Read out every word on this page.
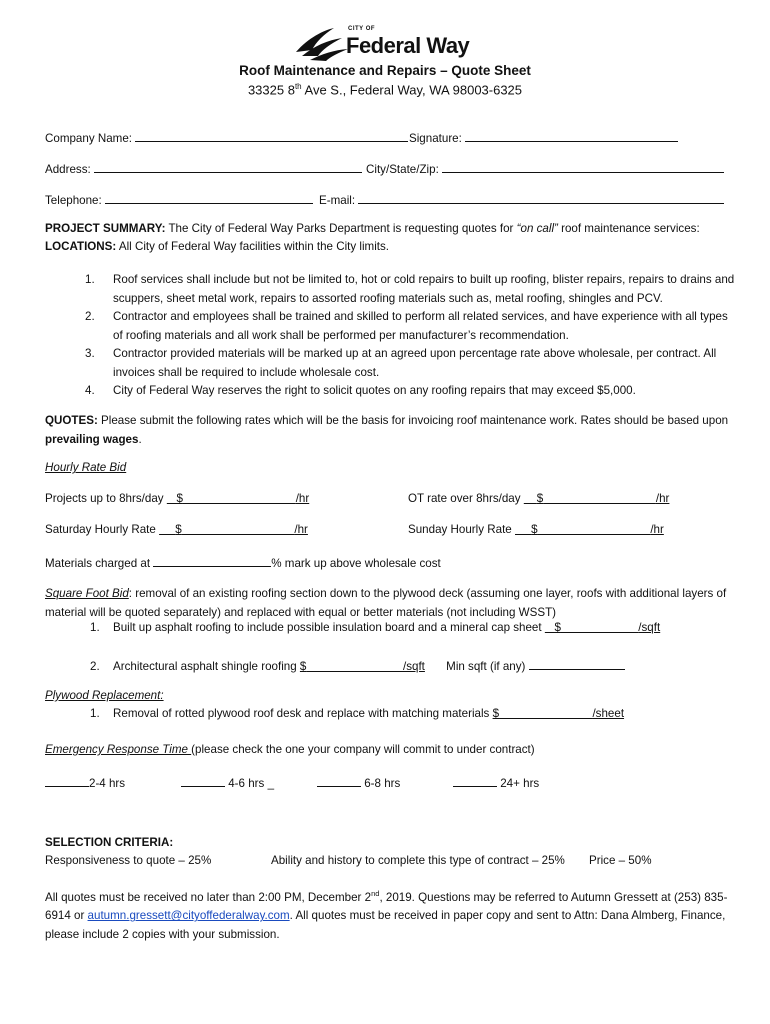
CITY OF
Federal Way
Roof Maintenance and Repairs – Quote Sheet
33325 8th Ave S., Federal Way, WA 98003-6325
Company Name:	Signature:
Address:	City/State/Zip:
Telephone:	E-mail:
PROJECT SUMMARY: The City of Federal Way Parks Department is requesting quotes for “on call” roof maintenance services:
LOCATIONS: All City of Federal Way facilities within the City limits.
1.	Roof services shall include but not be limited to, hot or cold repairs to built up roofing, blister repairs, repairs to drains and scuppers, sheet metal work, repairs to assorted roofing materials such as, metal roofing, shingles and PCV.
2.	Contractor and employees shall be trained and skilled to perform all related services, and have experience with all types of roofing materials and all work shall be performed per manufacturer’s recommendation.
3.	Contractor provided materials will be marked up at an agreed upon percentage rate above wholesale, per contract. All invoices shall be required to include wholesale cost.
4.	City of Federal Way reserves the right to solicit quotes on any roofing repairs that may exceed $5,000.
QUOTES: Please submit the following rates which will be the basis for invoicing roof maintenance work. Rates should be based upon prevailing wages.
Hourly Rate Bid
Projects up to 8hrs/day $	/hr	OT rate over 8hrs/day $	/hr
Saturday Hourly Rate $	/hr	Sunday Hourly Rate $	/hr
Materials charged at	% mark up above wholesale cost
Square Foot Bid: removal of an existing roofing section down to the plywood deck (assuming one layer, roofs with additional layers of material will be quoted separately) and replaced with equal or better materials (not including WSST)
1. Built up asphalt roofing to include possible insulation board and a mineral cap sheet $	/sqft
2. Architectural asphalt shingle roofing $	/sqft Min sqft (if any)
Plywood Replacement:
1. Removal of rotted plywood roof desk and replace with matching materials $	/sheet
Emergency Response Time (please check the one your company will commit to under contract)
2-4 hrs	4-6 hrs _	6-8 hrs	24+ hrs
SELECTION CRITERIA:
Responsiveness to quote – 25%	Ability and history to complete this type of contract – 25% Price – 50%
All quotes must be received no later than 2:00 PM, December 2nd, 2019. Questions may be referred to Autumn Gressett at (253) 835-6914 or autumn.gressett@cityoffederalway.com. All quotes must be received in paper copy and sent to Attn: Dana Almberg, Finance, please include 2 copies with your submission.
